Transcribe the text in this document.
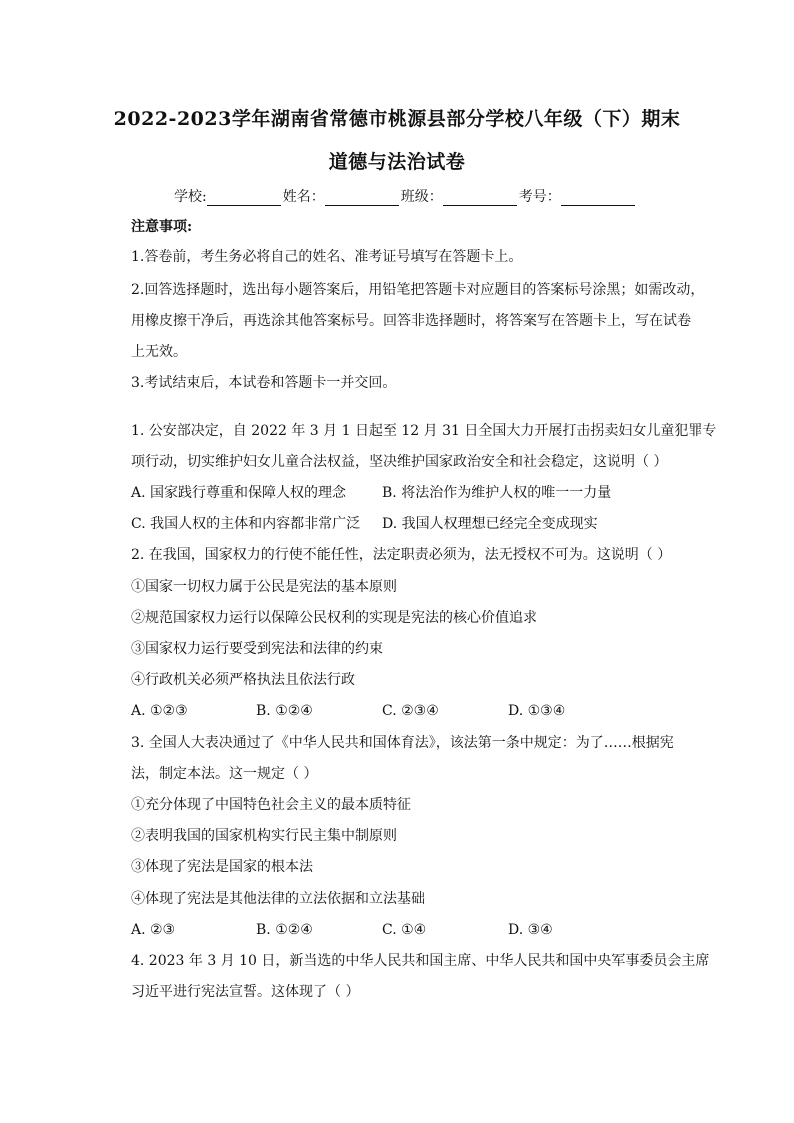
2022-2023学年湖南省常德市桃源县部分学校八年级（下）期末
道德与法治试卷
学校:	姓名：	班级：	考号：
注意事项:
1.答卷前，考生务必将自己的姓名、准考证号填写在答题卡上。
2.回答选择题时，选出每小题答案后，用铅笔把答题卡对应题目的答案标号涂黑；如需改动，
用橡皮擦干净后，再选涂其他答案标号。回答非选择题时，将答案写在答题卡上，写在试卷
上无效。
3.考试结束后，本试卷和答题卡一并交回。
1. 公安部决定，自 2022 年 3 月 1 日起至 12 月 31 日全国大力开展打击拐卖妇女儿童犯罪专
项行动，切实维护妇女儿童合法权益，坚决维护国家政治安全和社会稳定，这说明（ ）
A. 国家践行尊重和保障人权的理念	B. 将法治作为维护人权的唯一一力量
C. 我国人权的主体和内容都非常广泛 D. 我国人权理想已经完全变成现实
2. 在我国，国家权力的行使不能任性，法定职责必须为，法无授权不可为。这说明（ ）
①国家一切权力属于公民是宪法的基本原则
②规范国家权力运行以保障公民权利的实现是宪法的核心价值追求
③国家权力运行要受到宪法和法律的约束
④行政机关必须严格执法且依法行政
A. ①②③	B. ①②④	C. ②③④	D. ①③④
3. 全国人大表决通过了《中华人民共和国体育法》，该法第一条中规定：为了……根据宪
法，制定本法。这一规定（ ）
①充分体现了中国特色社会主义的最本质特征
②表明我国的国家机构实行民主集中制原则
③体现了宪法是国家的根本法
④体现了宪法是其他法律的立法依据和立法基础
A. ②③	B. ①②④	C. ①④	D. ③④
4. 2023 年 3 月 10 日，新当选的中华人民共和国主席、中华人民共和国中央军事委员会主席
习近平进行宪法宣誓。这体现了（ ）
